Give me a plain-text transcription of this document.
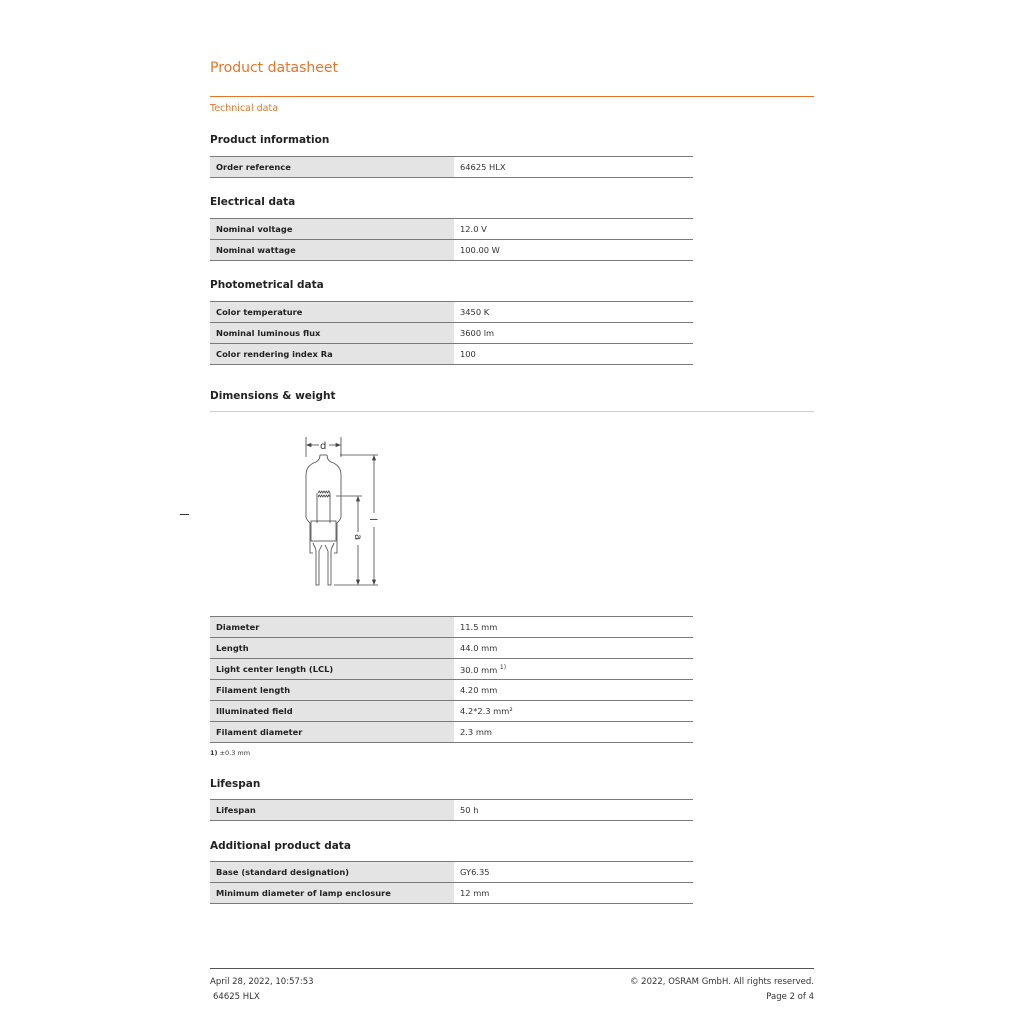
Product datasheet
Technical data
Product information
Order reference	64625 HLX
Electrical data
Nominal voltage	12.0 V
Nominal wattage	100.00 W
Photometrical data
Color temperature	3450 K
Nominal luminous flux	3600 lm
Color rendering index Ra	100
Dimensions & weight
d
l
a
Diameter	11.5 mm
Length	44.0 mm
Light center length (LCL)	30.0 mm $^{1)}$
Filament length	4.20 mm
Illuminated field	4.2*2.3 mm²
Filament diameter	2.3 mm
1) ±0.3 mm
Lifespan
Lifespan	50 h
Additional product data
Base (standard designation)	GY6.35
Minimum diameter of lamp enclosure	12 mm
April 28, 2022, 10:57:53
64625 HLX
© 2022, OSRAM GmbH. All rights reserved.
Page 2 of 4
